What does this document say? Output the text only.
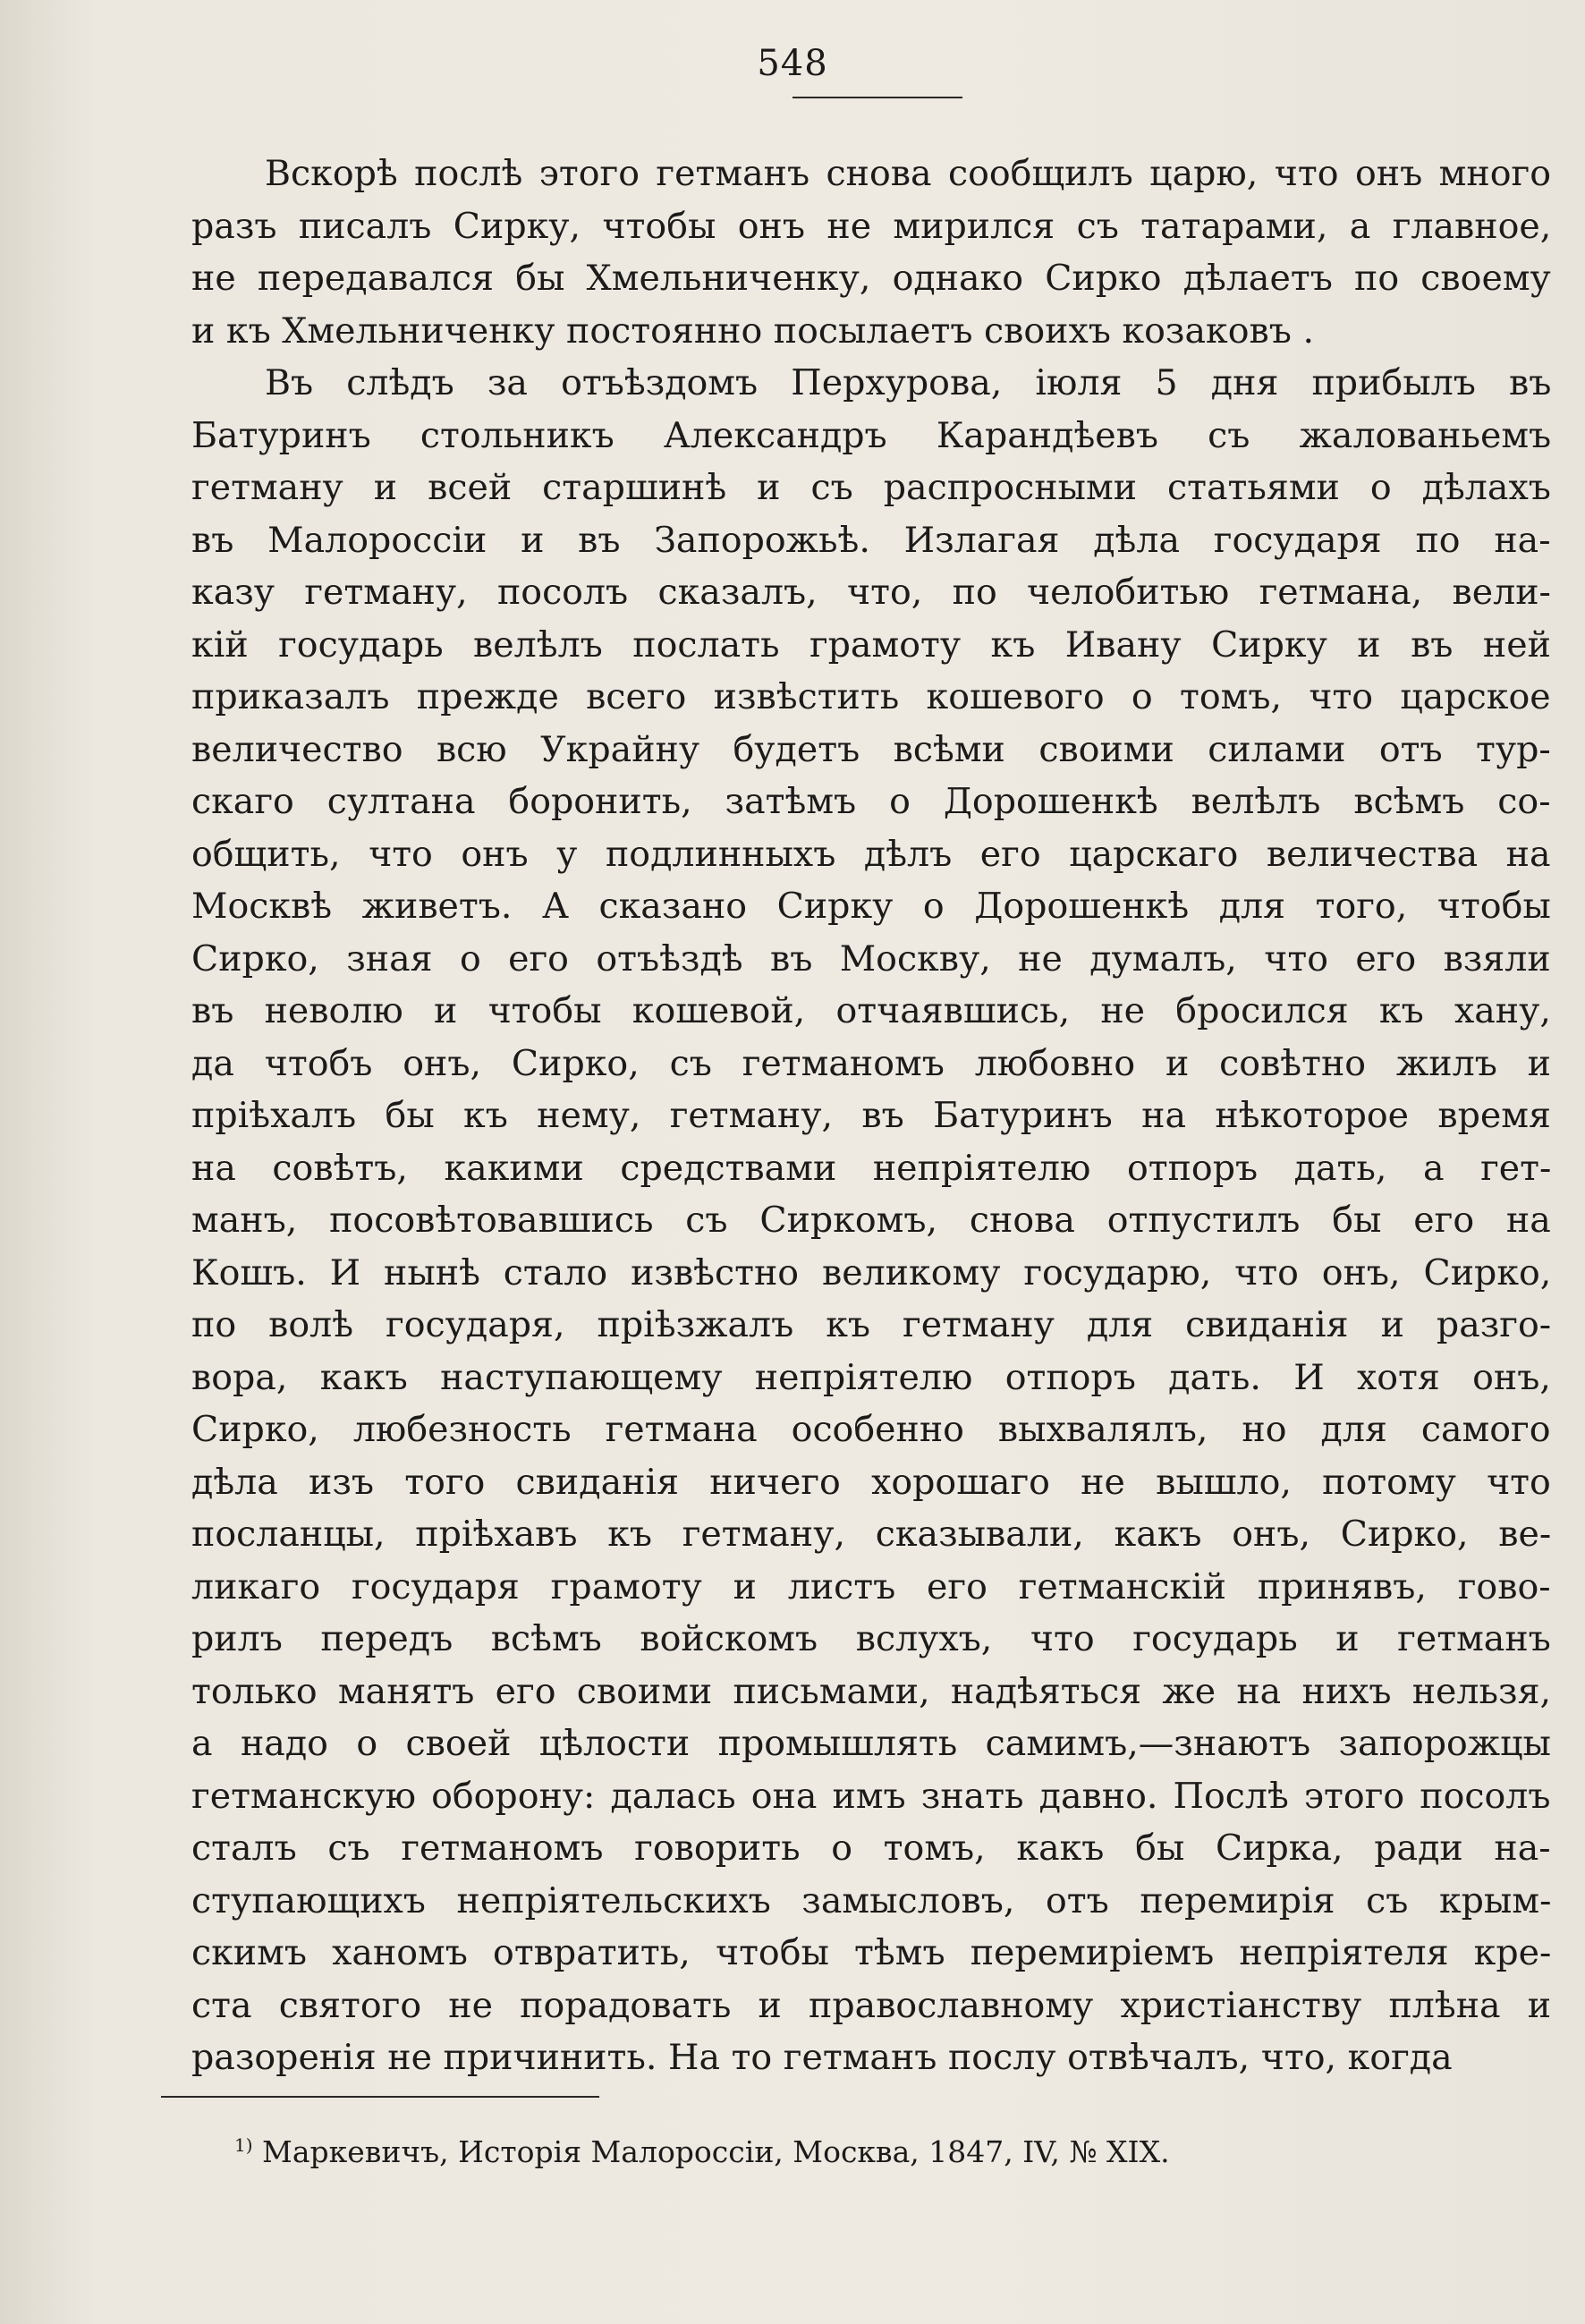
548
Вскорѣ послѣ этого гетманъ снова сообщилъ царю, что онъ много
разъ писалъ Сирку, чтобы онъ не мирился съ татарами, а главное,
не передавался бы Хмельниченку, однако Сирко дѣлаетъ по своему
и къ Хмельниченку постоянно посылаетъ своихъ козаковъ .
Въ слѣдъ за отъѣздомъ Перхурова, іюля 5 дня прибылъ въ
Батуринъ стольникъ Александръ Карандѣевъ съ жалованьемъ
гетману и всей старшинѣ и съ распросными статьями о дѣлахъ
въ Малороссіи и въ Запорожьѣ. Излагая дѣла государя по на-
казу гетману, посолъ сказалъ, что, по челобитью гетмана, вели-
кій государь велѣлъ послать грамоту къ Ивану Сирку и въ ней
приказалъ прежде всего извѣстить кошевого о томъ, что царское
величество всю Украйну будетъ всѣми своими силами отъ тур-
скаго султана боронить, затѣмъ о Дорошенкѣ велѣлъ всѣмъ со-
общить, что онъ у подлинныхъ дѣлъ его царскаго величества на
Москвѣ живетъ. А сказано Сирку о Дорошенкѣ для того, чтобы
Сирко, зная о его отъѣздѣ въ Москву, не думалъ, что его взяли
въ неволю и чтобы кошевой, отчаявшись, не бросился къ хану,
да чтобъ онъ, Сирко, съ гетманомъ любовно и совѣтно жилъ и
пріѣхалъ бы къ нему, гетману, въ Батуринъ на нѣкоторое время
на совѣтъ, какими средствами непріятелю отпоръ дать, а гет-
манъ, посовѣтовавшись съ Сиркомъ, снова отпустилъ бы его на
Кошъ. И нынѣ стало извѣстно великому государю, что онъ, Сирко,
по волѣ государя, пріѣзжалъ къ гетману для свиданія и разго-
вора, какъ наступающему непріятелю отпоръ дать. И хотя онъ,
Сирко, любезность гетмана особенно выхвалялъ, но для самого
дѣла изъ того свиданія ничего хорошаго не вышло, потому что
посланцы, пріѣхавъ къ гетману, сказывали, какъ онъ, Сирко, ве-
ликаго государя грамоту и листъ его гетманскій принявъ, гово-
рилъ передъ всѣмъ войскомъ вслухъ, что государь и гетманъ
только манятъ его своими письмами, надѣяться же на нихъ нельзя,
а надо о своей цѣлости промышлять самимъ,—знаютъ запорожцы
гетманскую оборону: далась она имъ знать давно. Послѣ этого посолъ
сталъ съ гетманомъ говорить о томъ, какъ бы Сирка, ради на-
ступающихъ непріятельскихъ замысловъ, отъ перемирія съ крым-
скимъ ханомъ отвратить, чтобы тѣмъ перемиріемъ непріятеля кре-
ста святого не порадовать и православному христіанству плѣна и
разоренія не причинить. На то гетманъ послу отвѣчалъ, что, когда
$^{1)}$ Маркевичъ, Исторія Малороссіи, Москва, 1847, IV, № XIX.
